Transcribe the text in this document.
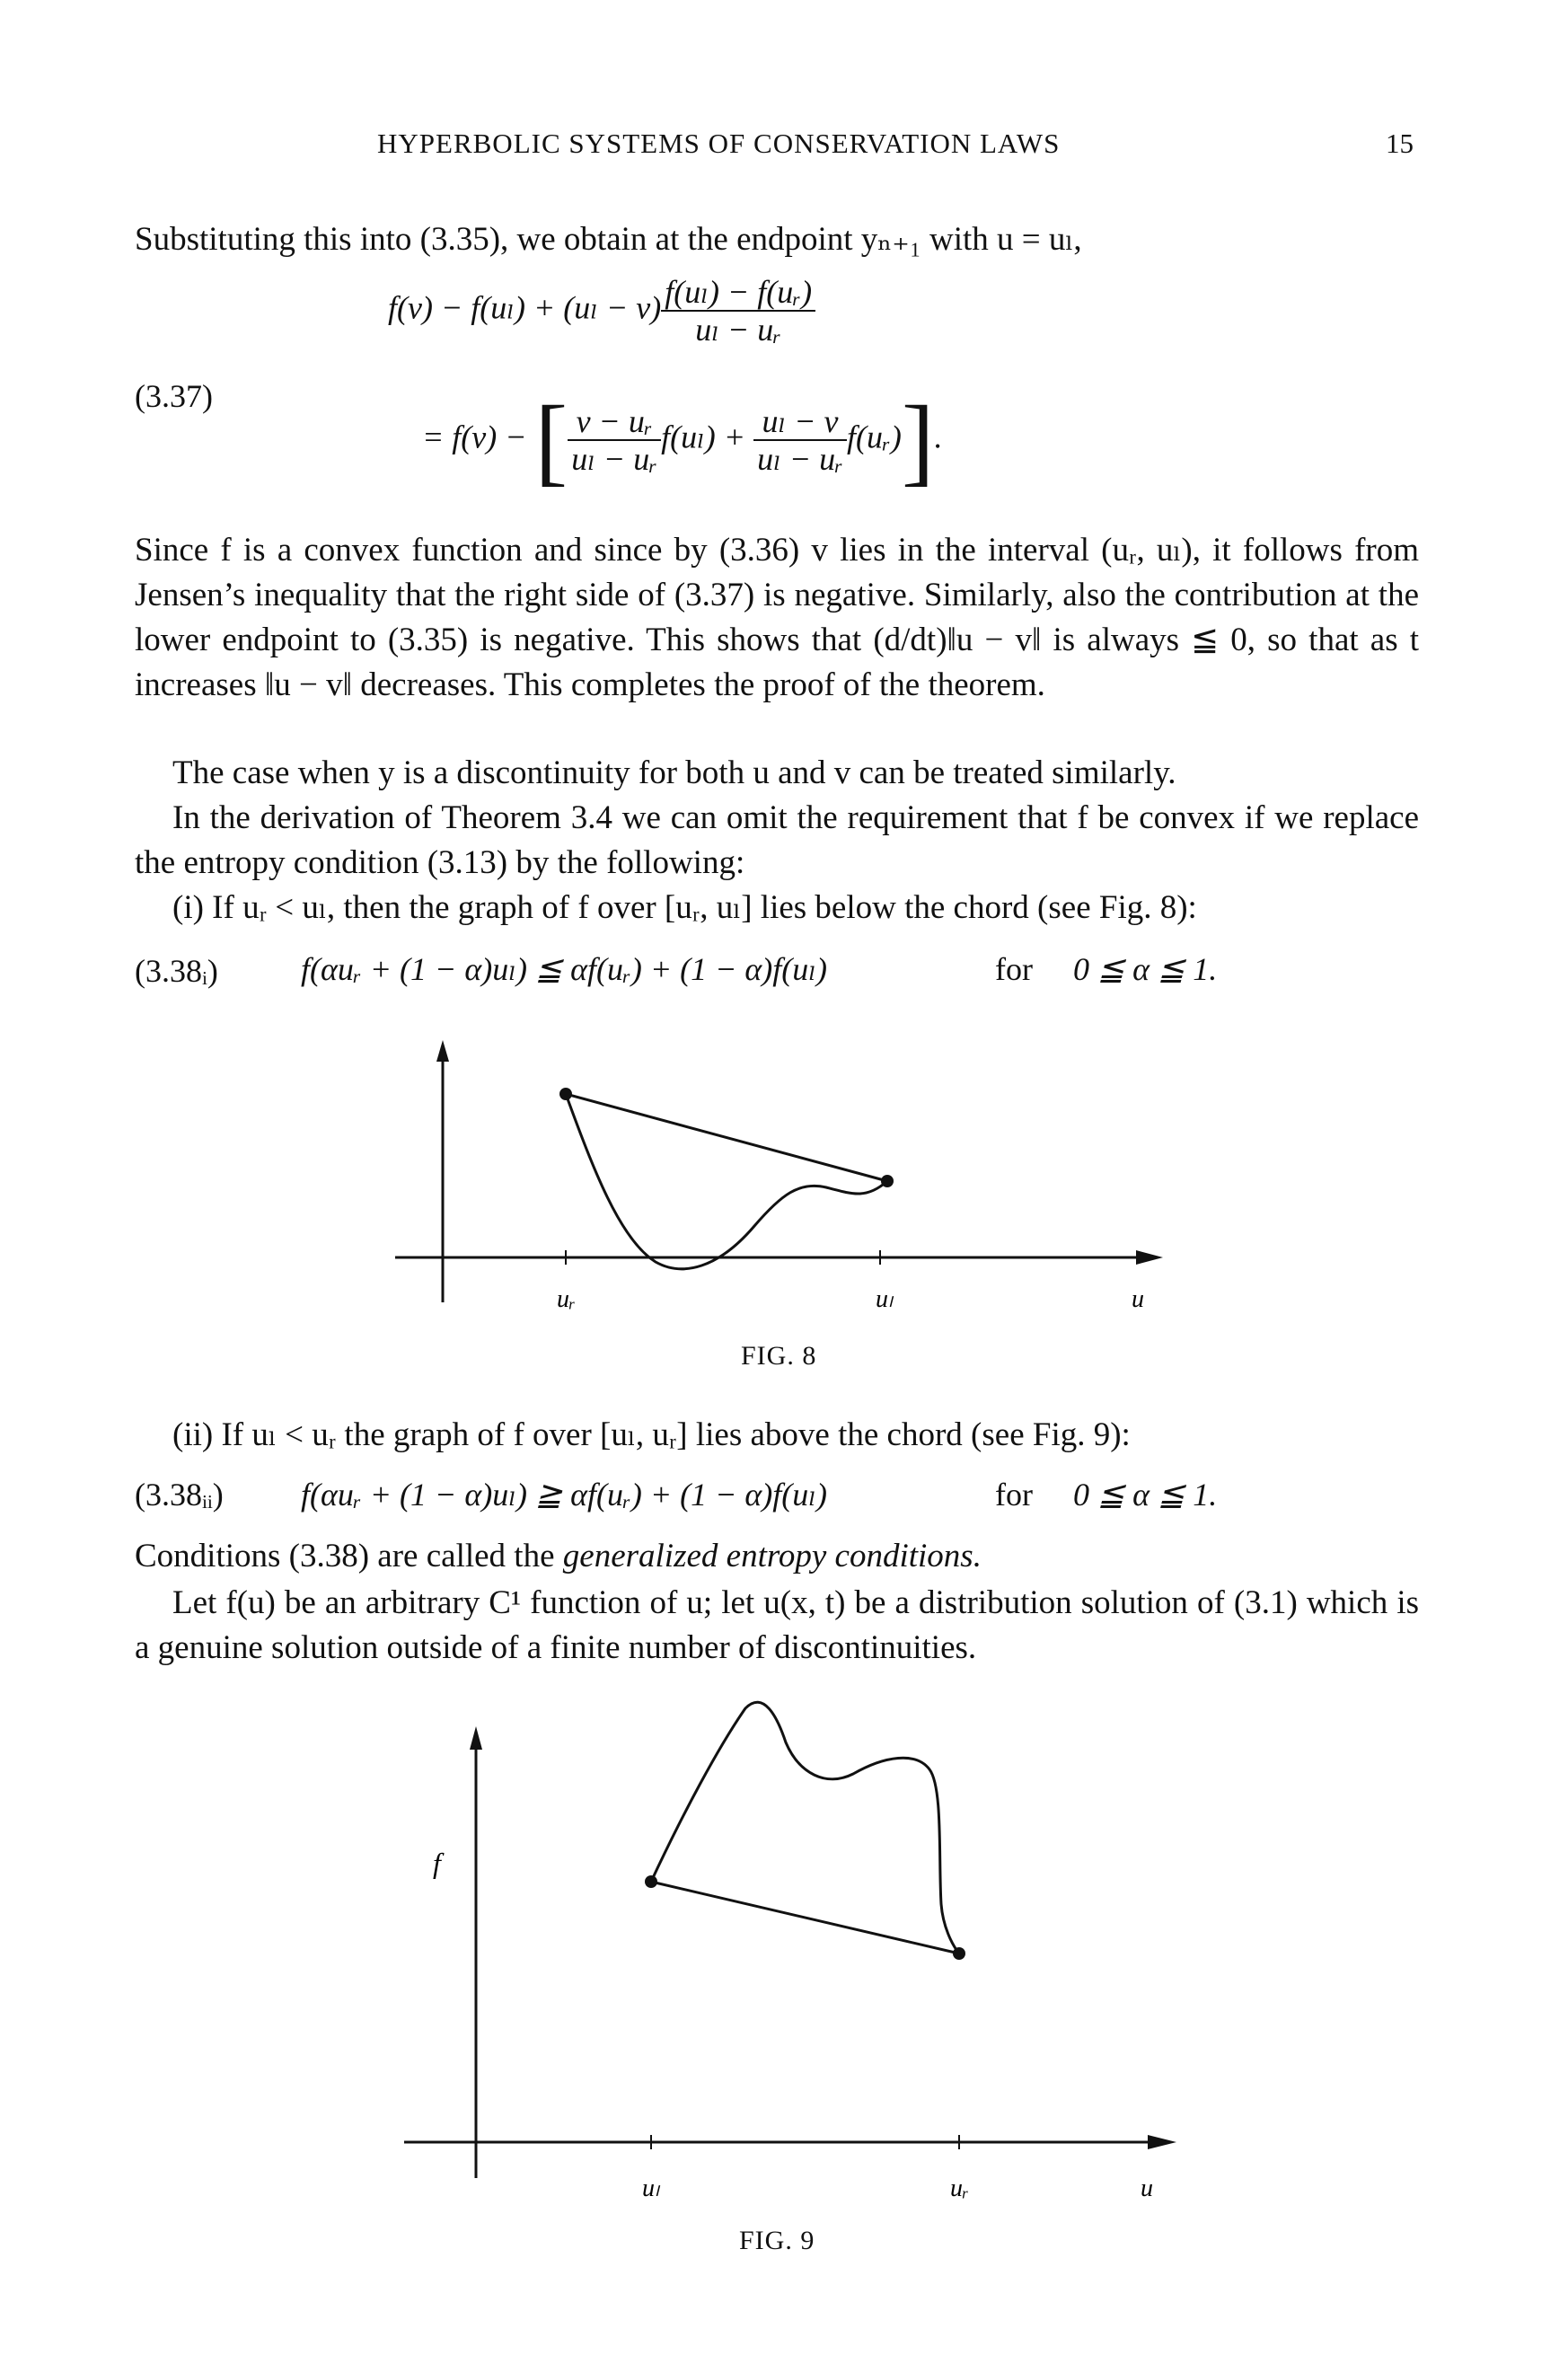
HYPERBOLIC SYSTEMS OF CONSERVATION LAWS	15
Substituting this into (3.35), we obtain at the endpoint yₙ₊₁ with u = uₗ,
(3.37)
$f(v) - f(u_l) + (u_l - v) \frac{\text{f(uₗ) − f(uᵣ)}}{\text{uₗ − uᵣ}}$
= f(v) − [ $\frac{\text{v − uᵣ}}{\text{uₗ − uᵣ}} f(u_l) + \frac{\text{uₗ − v}}{\text{uₗ − uᵣ}}$ f(uᵣ)].
Since f is a convex function and since by (3.36) v lies in the interval (uᵣ, uₗ), it follows from Jensen’s inequality that the right side of (3.37) is negative. Similarly, also the contribution at the lower endpoint to (3.35) is negative. This shows that (d/dt)‖u − v‖ is always ≦ 0, so that as t increases ‖u − v‖ decreases. This completes the proof of the theorem.
The case when y is a discontinuity for both u and v can be treated similarly.
In the derivation of Theorem 3.4 we can omit the requirement that f be convex if we replace the entropy condition (3.13) by the following:
(i) If uᵣ < uₗ, then the graph of f over [uᵣ, uₗ] lies below the chord (see Fig. 8):
(3.38ᵢ)	f(αuᵣ + (1 − α)uₗ) ≦ αf(uᵣ) + (1 − α)f(uₗ)	for 0 ≦ α ≦ 1.
uᵣ	uₗ	u
FIG. 8
(ii) If uₗ < uᵣ the graph of f over [uₗ, uᵣ] lies above the chord (see Fig. 9):
(3.38ᵢᵢ) f(αuᵣ + (1 − α)uₗ) ≧ αf(uᵣ) + (1 − α)f(uₗ)	for 0 ≦ α ≦ 1.
Conditions (3.38) are called the generalized entropy conditions.
Let f(u) be an arbitrary C¹ function of u; let u(x, t) be a distribution solution of (3.1) which is a genuine solution outside of a finite number of discontinuities.
f
uₗ	uᵣ	u
FIG. 9
